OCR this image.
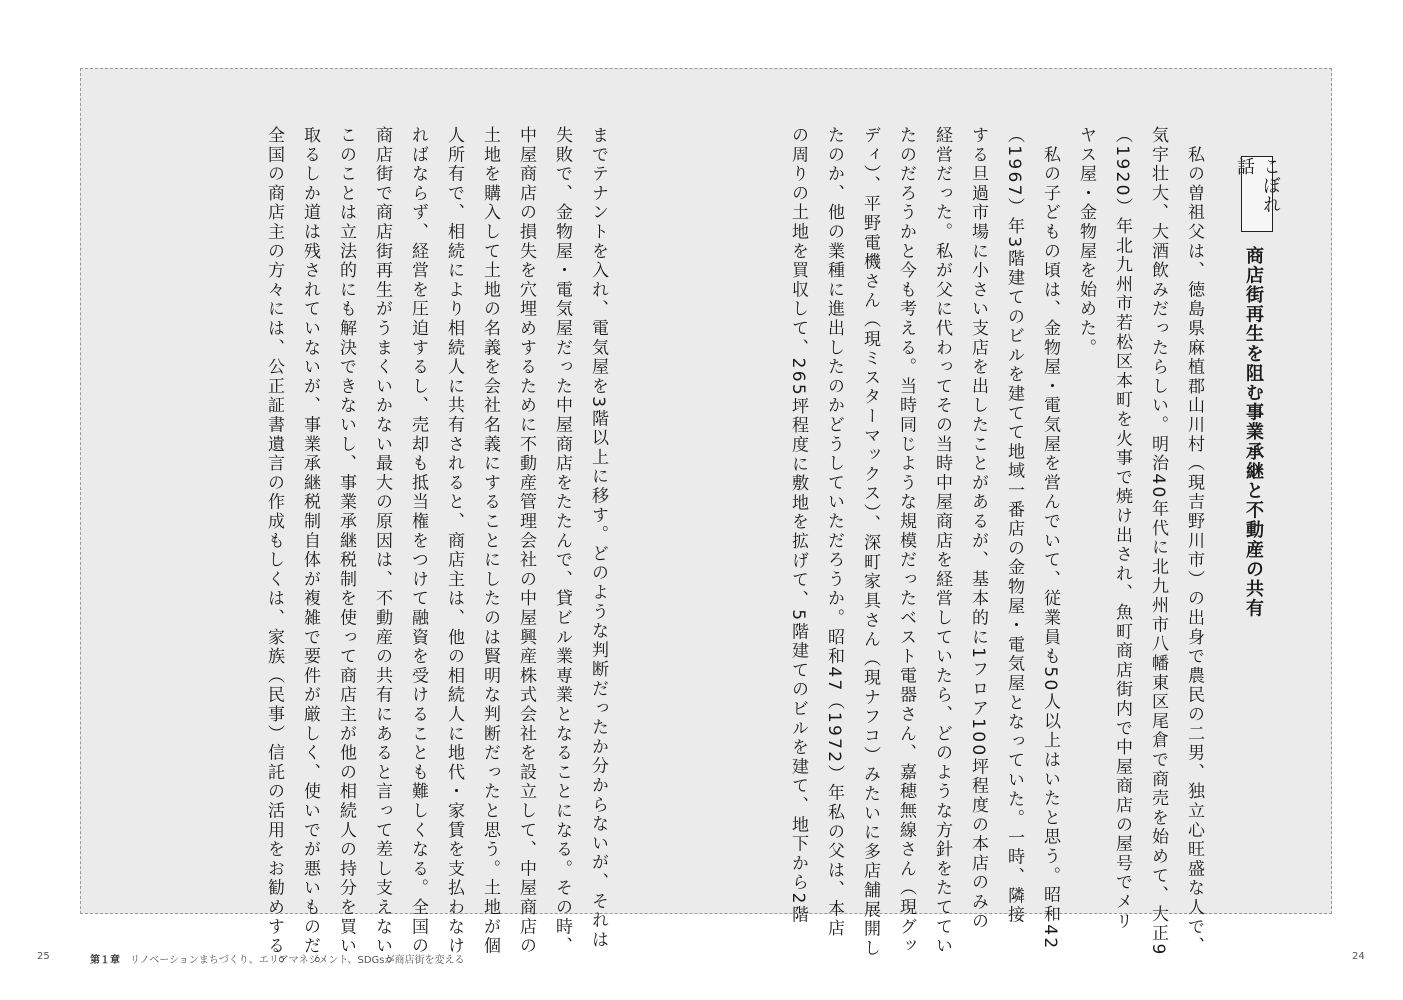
こぼれ話
商店街再生を阻む事業承継と不動産の共有
　私の曽祖父は、徳島県麻植郡山川村（現吉野川市）の出身で農民の二男、独立心旺盛な人で、
気宇壮大、大酒飲みだったらしい。明治40年代に北九州市八幡東区尾倉で商売を始めて、大正9
（1920）年北九州市若松区本町を火事で焼け出され、魚町商店街内で中屋商店の屋号でメリ
ヤス屋・金物屋を始めた。
　私の子どもの頃は、金物屋・電気屋を営んでいて、従業員も50人以上はいたと思う。昭和42
（1967）年3階建てのビルを建てて地域一番店の金物屋・電気屋となっていた。一時、隣接
する旦過市場に小さい支店を出したことがあるが、基本的に1フロア100坪程度の本店のみの
経営だった。私が父に代わってその当時中屋商店を経営していたら、どのような方針をたててい
たのだろうかと今も考える。当時同じような規模だったベスト電器さん、嘉穂無線さん（現グッ
ディ）、平野電機さん（現ミスターマックス）、深町家具さん（現ナフコ）みたいに多店舗展開し
たのか、他の業種に進出したのかどうしていただろうか。昭和47（1972）年私の父は、本店
の周りの土地を買収して、265坪程度に敷地を拡げて、5階建てのビルを建て、地下から2階
までテナントを入れ、電気屋を3階以上に移す。どのような判断だったか分からないが、それは
失敗で、金物屋・電気屋だった中屋商店をたたんで、貸ビル業専業となることになる。その時、
中屋商店の損失を穴埋めするために不動産管理会社の中屋興産株式会社を設立して、中屋商店の
土地を購入して土地の名義を会社名義にすることにしたのは賢明な判断だったと思う。土地が個
人所有で、相続により相続人に共有されると、商店主は、他の相続人に地代・家賃を支払わなけ
ればならず、経営を圧迫するし、売却も抵当権をつけて融資を受けることも難しくなる。全国の
商店街で商店街再生がうまくいかない最大の原因は、不動産の共有にあると言って差し支えない。
このことは立法的にも解決できないし、事業承継税制を使って商店主が他の相続人の持分を買い
取るしか道は残されていないが、事業承継税制自体が複雑で要件が厳しく、使いでが悪いものだ。
全国の商店主の方々には、公正証書遺言の作成もしくは、家族（民事）信託の活用をお勧めする。
25	第１章 リノベーションまちづくり、エリアマネジメント、SDGsが商店街を変える	24
